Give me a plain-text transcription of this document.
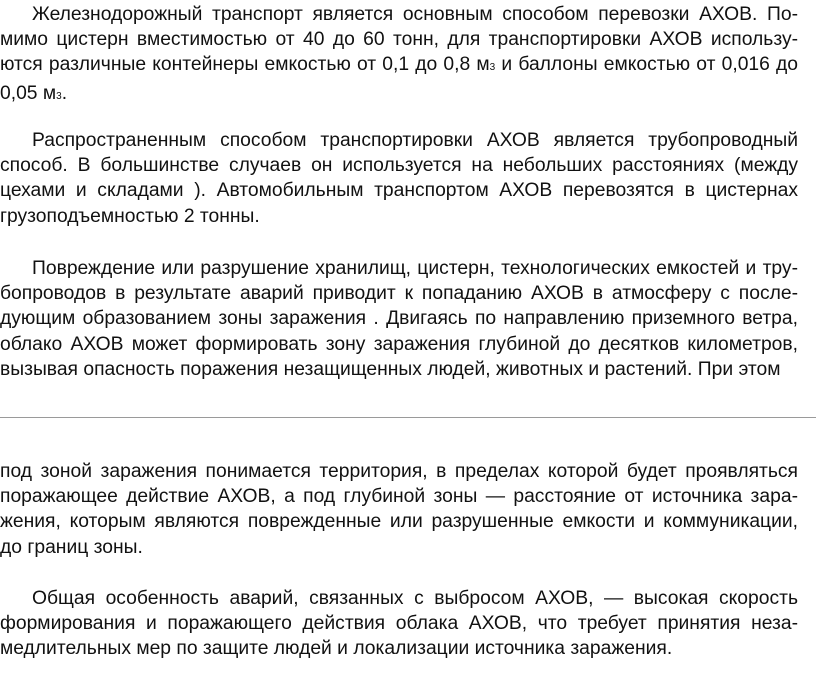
Железнодорожный транспорт является основным способом перевозки АХОВ. По-мимо цистерн вместимостью от 40 до 60 тонн, для транспортировки АХОВ использу-ются различные контейнеры емкостью от 0,1 до 0,8 м3 и баллоны емкостью от 0,016 до 0,05 м3.

Распространенным способом транспортировки АХОВ является трубопроводный способ. В большинстве случаев он используется на небольших расстояниях (между цехами и складами ). Автомобильным транспортом АХОВ перевозятся в цистернах грузоподъемностью 2 тонны.

Повреждение или разрушение хранилищ, цистерн, технологических емкостей и тру-бопроводов в результате аварий приводит к попаданию АХОВ в атмосферу с после-дующим образованием зоны заражения . Двигаясь по направлению приземного ветра, облако АХОВ может формировать зону заражения глубиной до десятков километров, вызывая опасность поражения незащищенных людей, животных и растений. При этом

под зоной заражения понимается территория, в пределах которой будет проявляться поражающее действие АХОВ, а под глубиной зоны — расстояние от источника зара-жения, которым являются поврежденные или разрушенные емкости и коммуникации, до границ зоны.

Общая особенность аварий, связанных с выбросом АХОВ, — высокая скорость формирования и поражающего действия облака АХОВ, что требует принятия неза-медлительных мер по защите людей и локализации источника заражения.
